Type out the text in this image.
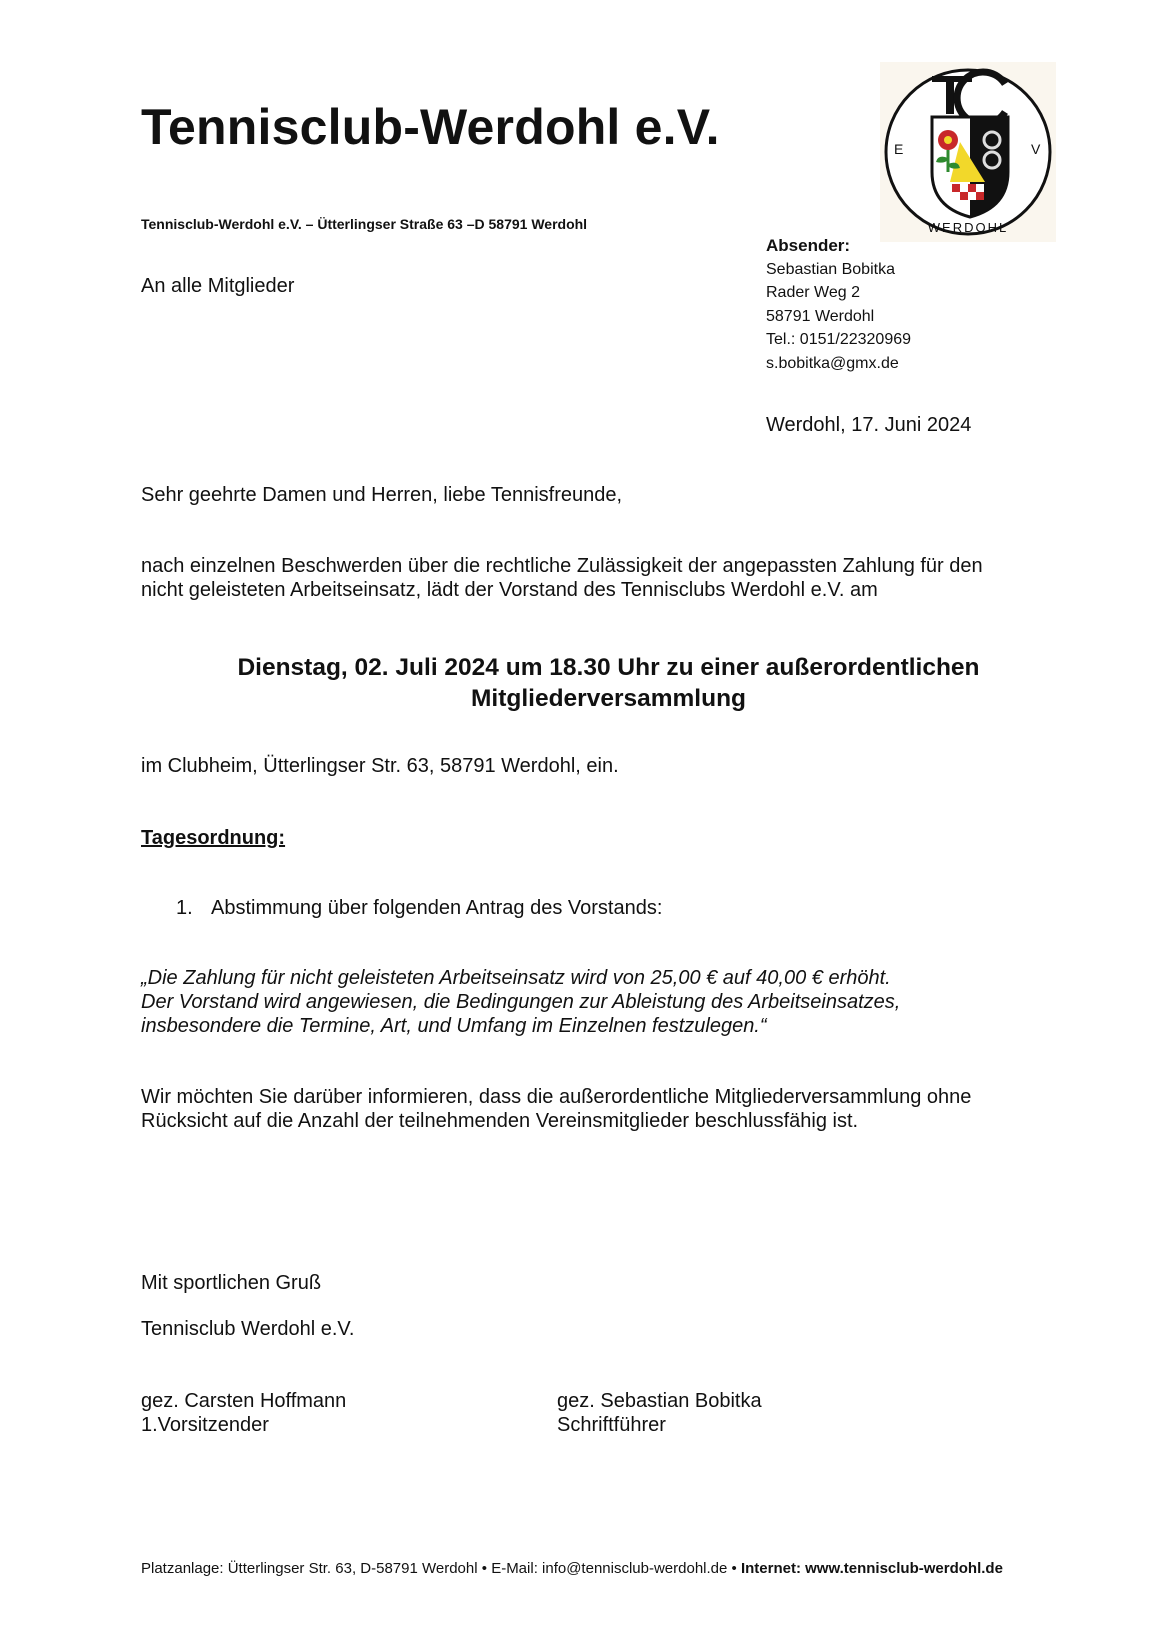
Tennisclub-Werdohl e.V.
Tennisclub-Werdohl e.V. – Ütterlingser Straße 63 –D 58791 Werdohl
E	V
WERDOHL
An alle Mitglieder
Absender:
Sebastian Bobitka
Rader Weg 2
58791 Werdohl
Tel.: 0151/22320969
s.bobitka@gmx.de
Werdohl, 17. Juni 2024
Sehr geehrte Damen und Herren, liebe Tennisfreunde,
nach einzelnen Beschwerden über die rechtliche Zulässigkeit der angepassten Zahlung für den
nicht geleisteten Arbeitseinsatz, lädt der Vorstand des Tennisclubs Werdohl e.V. am
Dienstag, 02. Juli 2024 um 18.30 Uhr zu einer außerordentlichen
Mitgliederversammlung
im Clubheim, Ütterlingser Str. 63, 58791 Werdohl, ein.
Tagesordnung:
1. Abstimmung über folgenden Antrag des Vorstands:
„Die Zahlung für nicht geleisteten Arbeitseinsatz wird von 25,00 € auf 40,00 € erhöht.
Der Vorstand wird angewiesen, die Bedingungen zur Ableistung des Arbeitseinsatzes,
insbesondere die Termine, Art, und Umfang im Einzelnen festzulegen.“
Wir möchten Sie darüber informieren, dass die außerordentliche Mitgliederversammlung ohne
Rücksicht auf die Anzahl der teilnehmenden Vereinsmitglieder beschlussfähig ist.
Mit sportlichen Gruß
Tennisclub Werdohl e.V.
gez. Carsten Hoffmann
1.Vorsitzender
gez. Sebastian Bobitka
Schriftführer
Platzanlage: Ütterlingser Str. 63, D-58791 Werdohl • E-Mail: info@tennisclub-werdohl.de • Internet: www.tennisclub-werdohl.de
